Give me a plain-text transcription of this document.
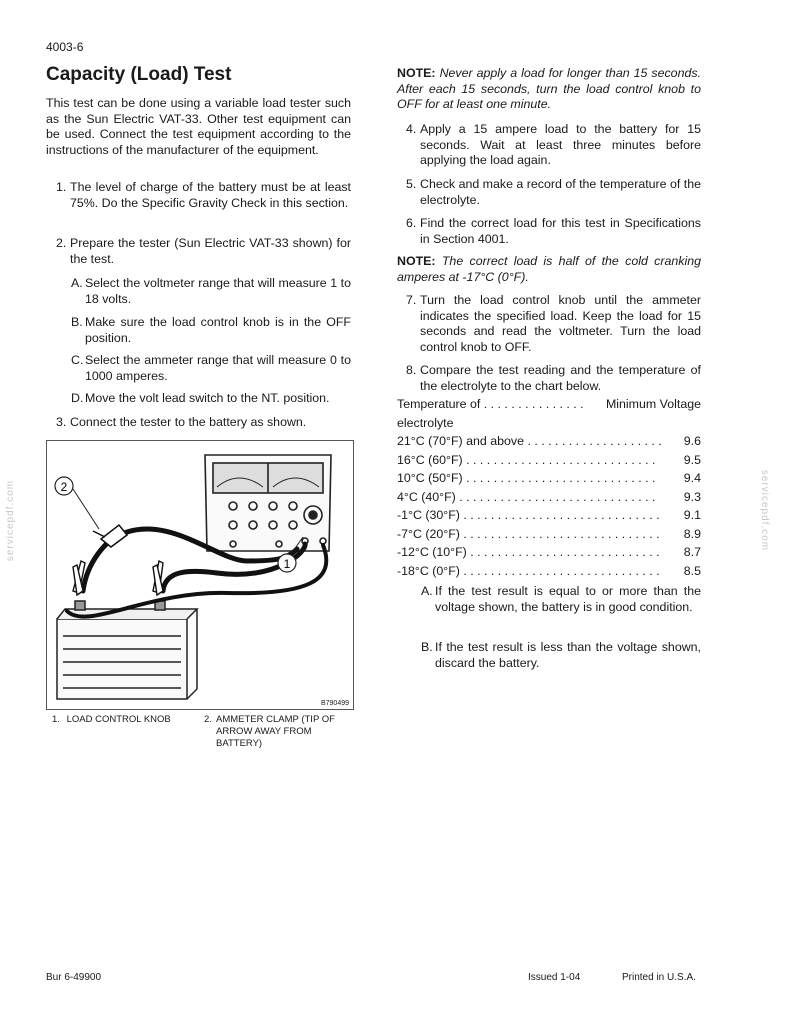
4003-6
Capacity (Load) Test
This test can be done using a variable load tester such as the Sun Electric VAT-33. Other test equipment can be used. Connect the test equipment according to the instructions of the manufacturer of the equipment.
1. The level of charge of the battery must be at least 75%. Do the Specific Gravity Check in this section.
2. Prepare the tester (Sun Electric VAT-33 shown) for the test.
A. Select the voltmeter range that will measure 1 to 18 volts.
B. Make sure the load control knob is in the OFF position.
C. Select the ammeter range that will measure 0 to 1000 amperes.
D. Move the volt lead switch to the NT. position.
3. Connect the tester to the battery as shown.
2
1
B790499
1. LOAD CONTROL KNOB	2. AMMETER CLAMP (TIP OF ARROW AWAY FROM BATTERY)
NOTE: Never apply a load for longer than 15 seconds. After each 15 seconds, turn the load control knob to OFF for at least one minute.
4. Apply a 15 ampere load to the battery for 15 seconds. Wait at least three minutes before applying the load again.
5. Check and make a record of the temperature of the electrolyte.
6. Find the correct load for this test in Specifications in Section 4001.
NOTE: The correct load is half of the cold cranking amperes at -17°C (0°F).
7. Turn the load control knob until the ammeter indicates the specified load. Keep the load for 15 seconds and read the voltmeter. Turn the load control knob to OFF.
8. Compare the test reading and the temperature of the electrolyte to the chart below.
Temperature of . . . . . . . . . . . . . . . Minimum Voltage
electrolyte
21°C (70°F) and above . . . . . . . . . . . . . . . . . . . .	9.6
16°C (60°F) . . . . . . . . . . . . . . . . . . . . . . . . . . . .	9.5
10°C (50°F) . . . . . . . . . . . . . . . . . . . . . . . . . . . .	9.4
4°C (40°F) . . . . . . . . . . . . . . . . . . . . . . . . . . . . .	9.3
-1°C (30°F) . . . . . . . . . . . . . . . . . . . . . . . . . . . . .	9.1
-7°C (20°F) . . . . . . . . . . . . . . . . . . . . . . . . . . . . .	8.9
-12°C (10°F) . . . . . . . . . . . . . . . . . . . . . . . . . . . .	8.7
-18°C (0°F) . . . . . . . . . . . . . . . . . . . . . . . . . . . . .	8.5
A. If the test result is equal to or more than the voltage shown, the battery is in good condition.
B. If the test result is less than the voltage shown, discard the battery.
servicepdf.com	servicepdf.com
Bur 6-49900	Issued 1-04	Printed in U.S.A.
